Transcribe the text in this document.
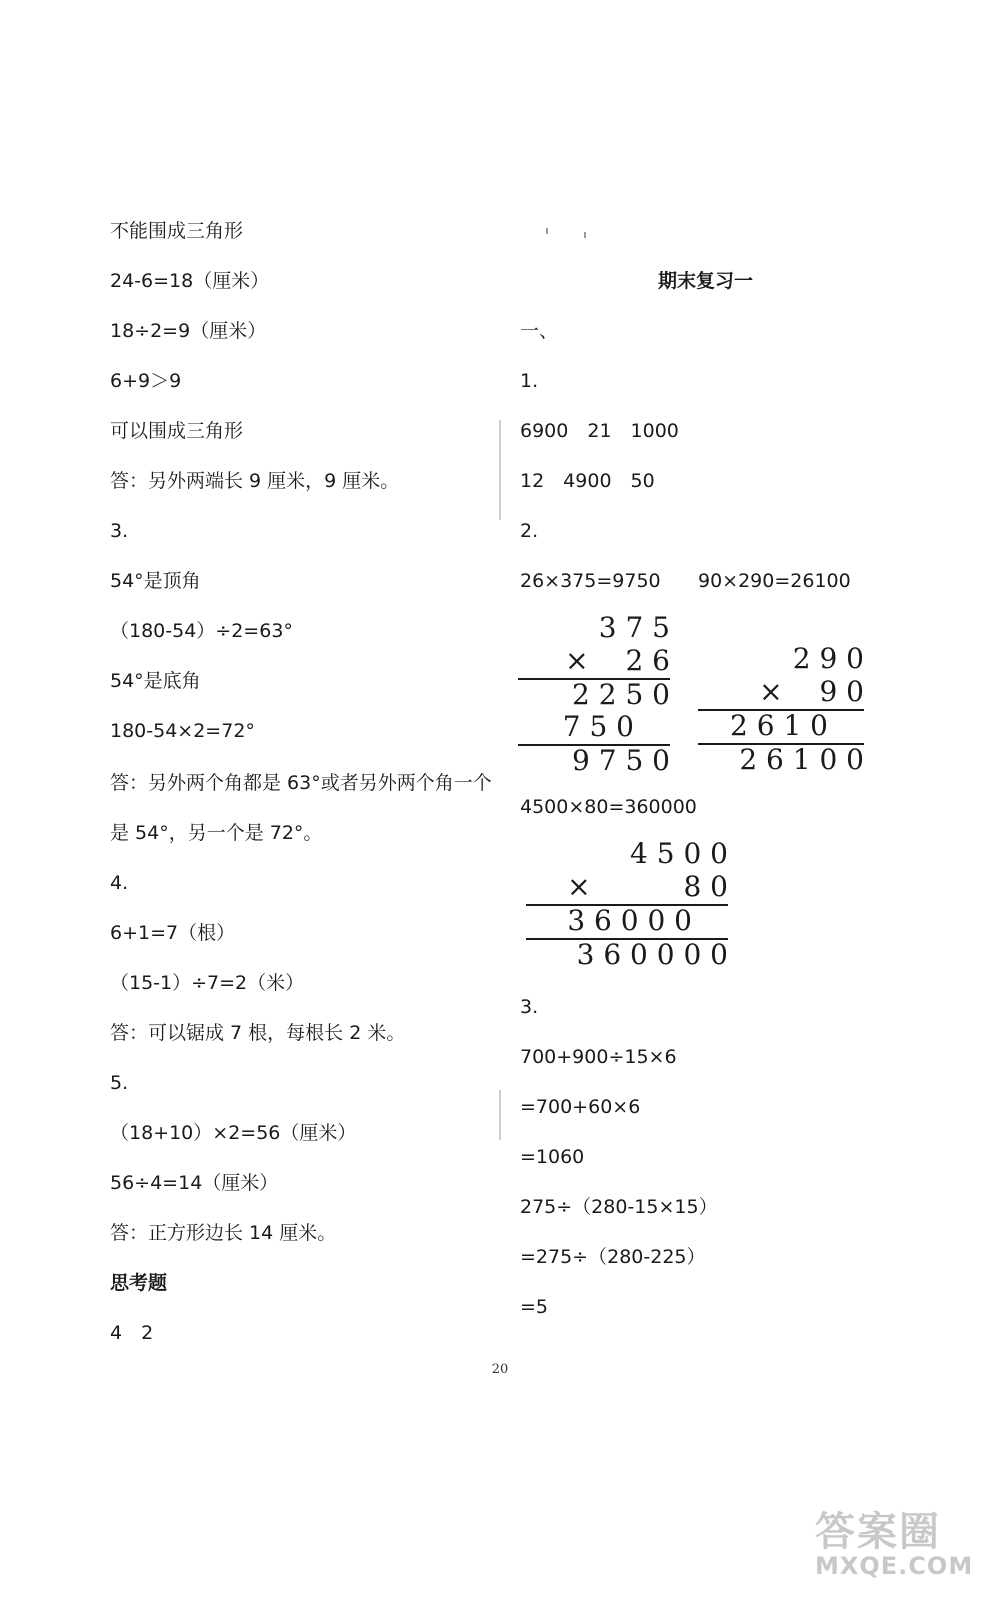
不能围成三角形
24-6=18（厘米）
18÷2=9（厘米）
6+9＞9
可以围成三角形
答：另外两端长 9 厘米，9 厘米。
3.
54°是顶角
（180-54）÷2=63°
54°是底角
180-54×2=72°
答：另外两个角都是 63°或者另外两个角一个
是 54°，另一个是 72°。
4.
6+1=7（根）
（15-1）÷7=2（米）
答：可以锯成 7 根，每根长 2 米。
5.
（18+10）×2=56（厘米）
56÷4=14（厘米）
答：正方形边长 14 厘米。
思考题
4　2
期末复习一
一、
1.
6900　21　1000
12　4900　50
2.
26×375=9750 90×290=26100
3 7 5
× 　2 6
2 2 5 0
7 5 0
9 7 5 0
2 9 0
× 　9 0
2 6 1 0
2 6 1 0 0
4500×80=360000
4 5 0 0
× 　　　8 0
3 6 0 0 0
3 6 0 0 0 0
3.
700+900÷15×6
=700+60×6
=1060
275÷（280-15×15）
=275÷（280-225）
=5
20
答案圈
MXQE.COM
